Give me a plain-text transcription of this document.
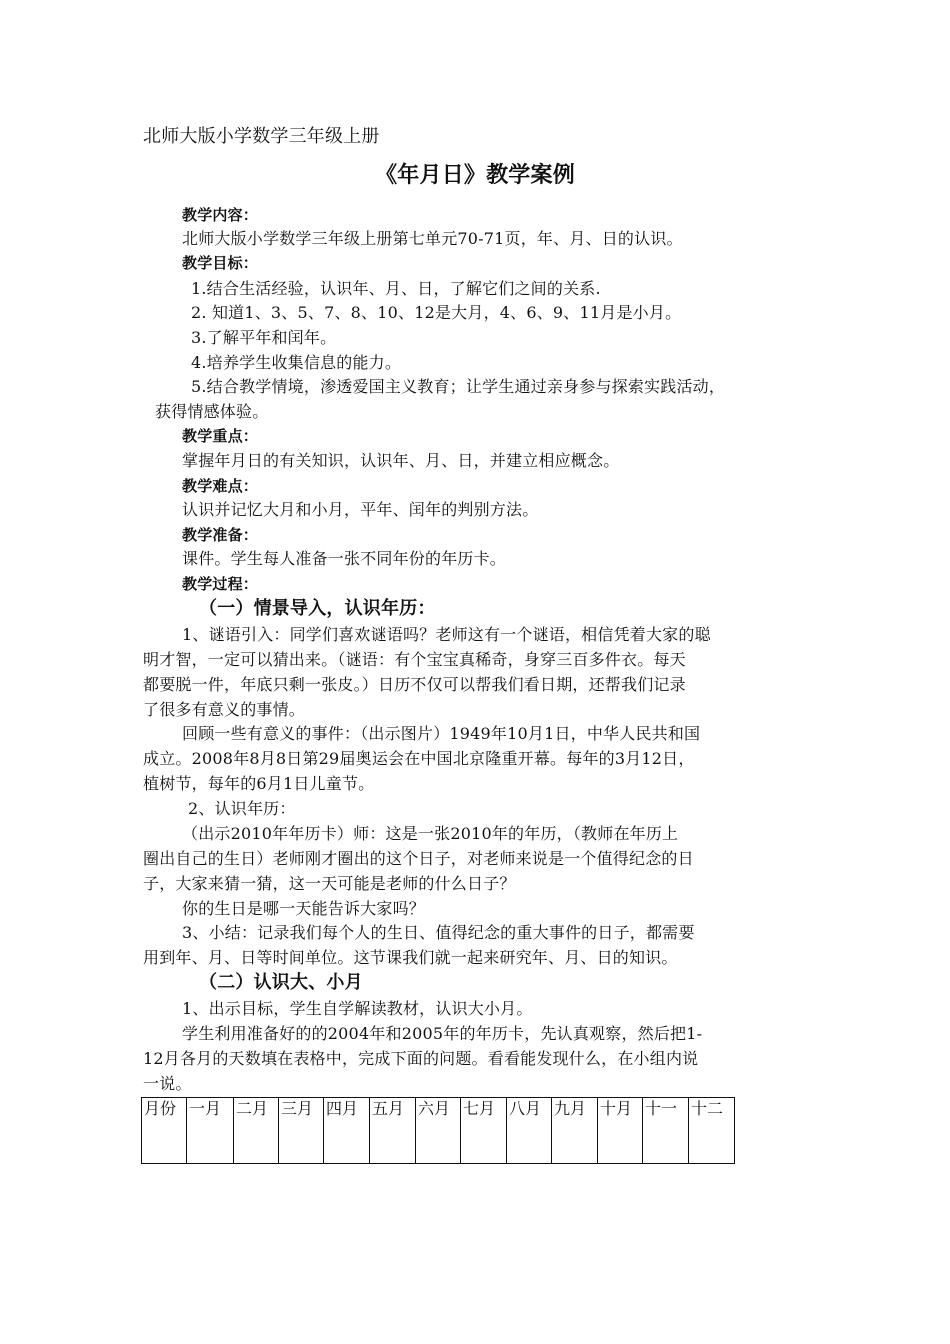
北师大版小学数学三年级上册
《年月日》教学案例
教学内容：
北师大版小学数学三年级上册第七单元70-71页，年、月、日的认识。
教学目标：
1.结合生活经验，认识年、月、日，了解它们之间的关系.
2. 知道1、3、5、7、8、10、12是大月，4、6、9、11月是小月。
3.了解平年和闰年。
4.培养学生收集信息的能力。
5.结合教学情境，渗透爱国主义教育；让学生通过亲身参与探索实践活动，
获得情感体验。
教学重点：
掌握年月日的有关知识，认识年、月、日，并建立相应概念。
教学难点：
认识并记忆大月和小月，平年、闰年的判别方法。
教学准备：
课件。学生每人准备一张不同年份的年历卡。
教学过程：
（一）情景导入，认识年历：
1、谜语引入：同学们喜欢谜语吗？老师这有一个谜语，相信凭着大家的聪
明才智，一定可以猜出来。（谜语：有个宝宝真稀奇，身穿三百多件衣。每天
都要脱一件，年底只剩一张皮。）日历不仅可以帮我们看日期，还帮我们记录
了很多有意义的事情。
回顾一些有意义的事件：（出示图片）1949年10月1日，中华人民共和国
成立。2008年8月8日第29届奥运会在中国北京隆重开幕。每年的3月12日，
植树节，每年的6月1日儿童节。
2、认识年历：
（出示2010年年历卡）师：这是一张2010年的年历，（教师在年历上
圈出自己的生日）老师刚才圈出的这个日子，对老师来说是一个值得纪念的日
子，大家来猜一猜，这一天可能是老师的什么日子？
你的生日是哪一天能告诉大家吗？
3、小结：记录我们每个人的生日、值得纪念的重大事件的日子，都需要
用到年、月、日等时间单位。这节课我们就一起来研究年、月、日的知识。
（二）认识大、小月
1、出示目标，学生自学解读教材，认识大小月。
学生利用准备好的的2004年和2005年的年历卡，先认真观察，然后把1-
12月各月的天数填在表格中，完成下面的问题。看看能发现什么，在小组内说
一说。
月份	一月	二月	三月	四月	五月	六月	七月	八月	九月	十月	十一	十二
